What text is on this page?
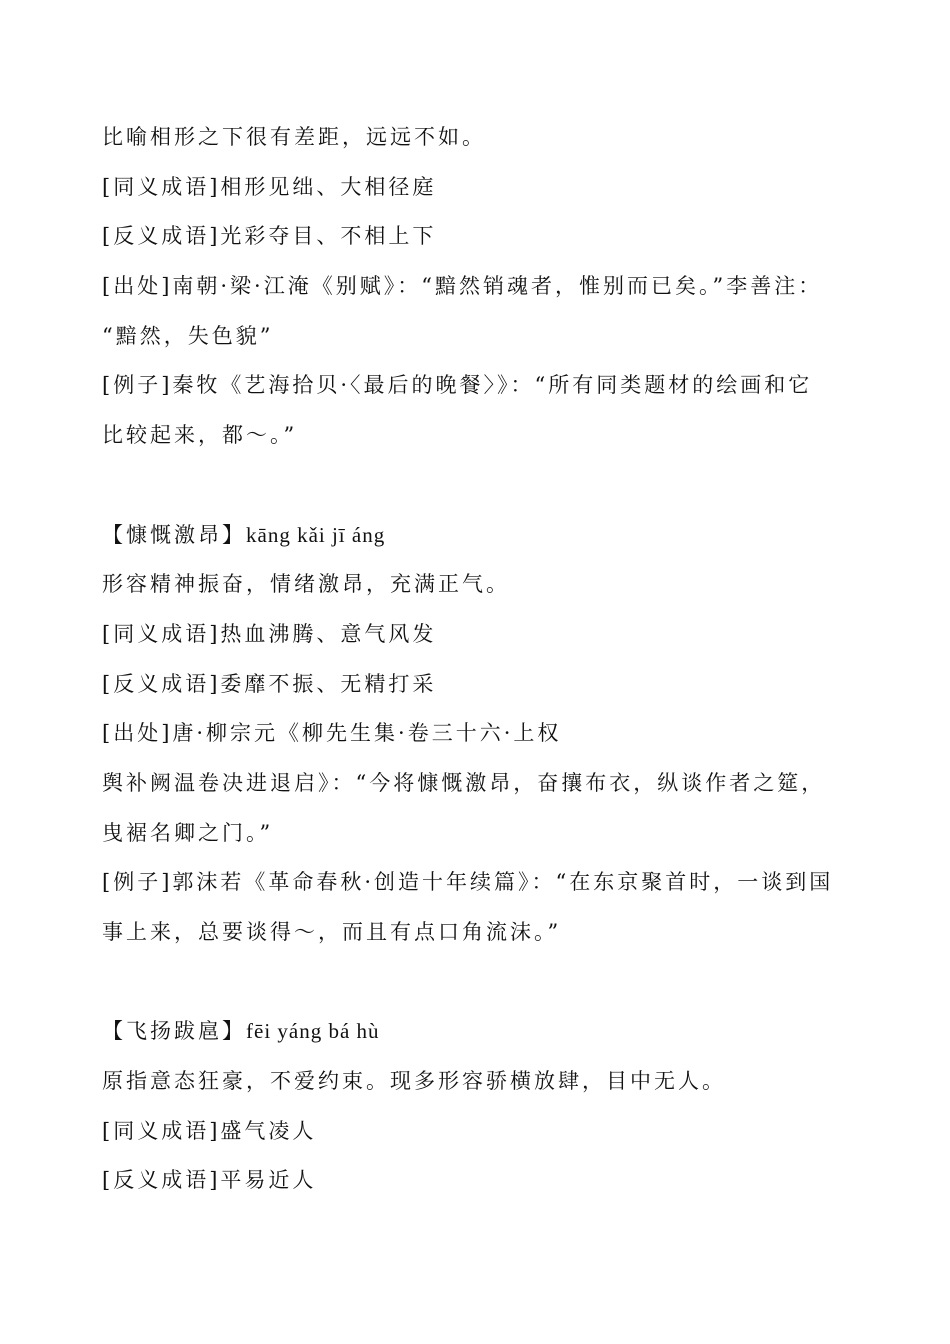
比喻相形之下很有差距，远远不如。
[同义成语]相形见绌、大相径庭
[反义成语]光彩夺目、不相上下
[出处]南朝·梁·江淹《别赋》：“黯然销魂者，惟别而已矣。”李善注：
“黯然，失色貌”
[例子]秦牧《艺海拾贝·〈最后的晚餐〉》：“所有同类题材的绘画和它
比较起来，都～。”
【慷慨激昂】kāng kǎi jī áng
形容精神振奋，情绪激昂，充满正气。
[同义成语]热血沸腾、意气风发
[反义成语]委靡不振、无精打采
[出处]唐·柳宗元《柳先生集·卷三十六·上权
舆补阙温卷决进退启》：“今将慷慨激昂，奋攘布衣，纵谈作者之筵，
曳裾名卿之门。”
[例子]郭沫若《革命春秋·创造十年续篇》：“在东京聚首时，一谈到国
事上来，总要谈得～，而且有点口角流沫。”
【飞扬跋扈】fēi yáng bá hù
原指意态狂豪，不爱约束。现多形容骄横放肆，目中无人。
[同义成语]盛气凌人
[反义成语]平易近人
